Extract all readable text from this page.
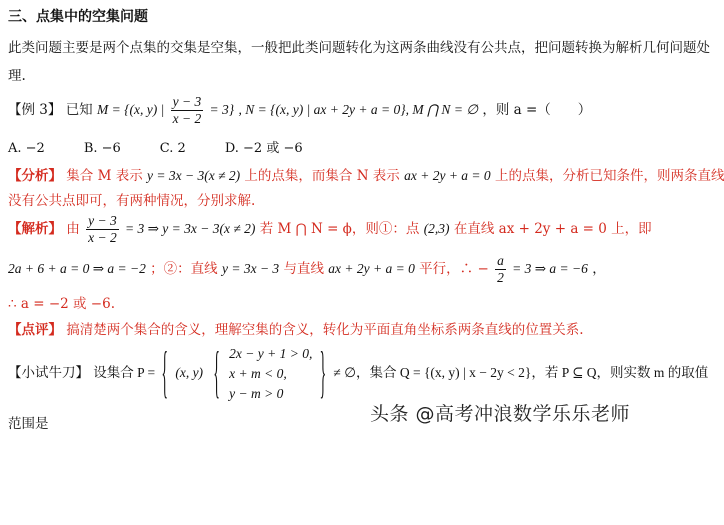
三、点集中的空集问题
此类问题主要是两个点集的交集是空集，一般把此类问题转化为这两条曲线没有公共点，把问题转换为解析几何问题处
理.
【例 3】 已知 M = {(x, y) | $\frac{y - 3}{x - 2} = 3$} , N = {(x, y) | ax + 2y + a = 0}, M ⋂ N = ∅ ，则 a =（　　）
A. −2　　　B. −6　　　C. 2　　　D. −2 或 −6
【分析】 集合 M 表示 y = 3x − 3(x ≠ 2) 上的点集，而集合 N 表示 ax + 2y + a = 0 上的点集，分析已知条件，则两条直线
没有公共点即可，有两种情况，分别求解.
【解析】 由 $\frac{y - 3}{x - 2} = 3$ ⇒ y = 3x − 3(x ≠ 2) 若 M ⋂ N = ϕ，则①：点 (2,3) 在直线 ax + 2y + a = 0 上，即
2a + 6 + a = 0 ⇒ a = −2 ；②：直线 y = 3x − 3 与直线 ax + 2y + a = 0 平行，∴ − $\frac{a}{2} = 3$ ⇒ a = −6 ，
∴ a = −2 或 −6.
【点评】 搞清楚两个集合的含义，理解空集的含义，转化为平面直角坐标系两条直线的位置关系.
【小试牛刀】 设集合 P = { (x, y) { 2x − y + 1 > 0,
x + m < 0,
y − m > 0	} ≠ ∅，集合 Q = {(x, y) | x − 2y < 2}，若 P ⊆ Q，则实数 m 的取值
范围是	头条 @高考冲浪数学乐乐老师
